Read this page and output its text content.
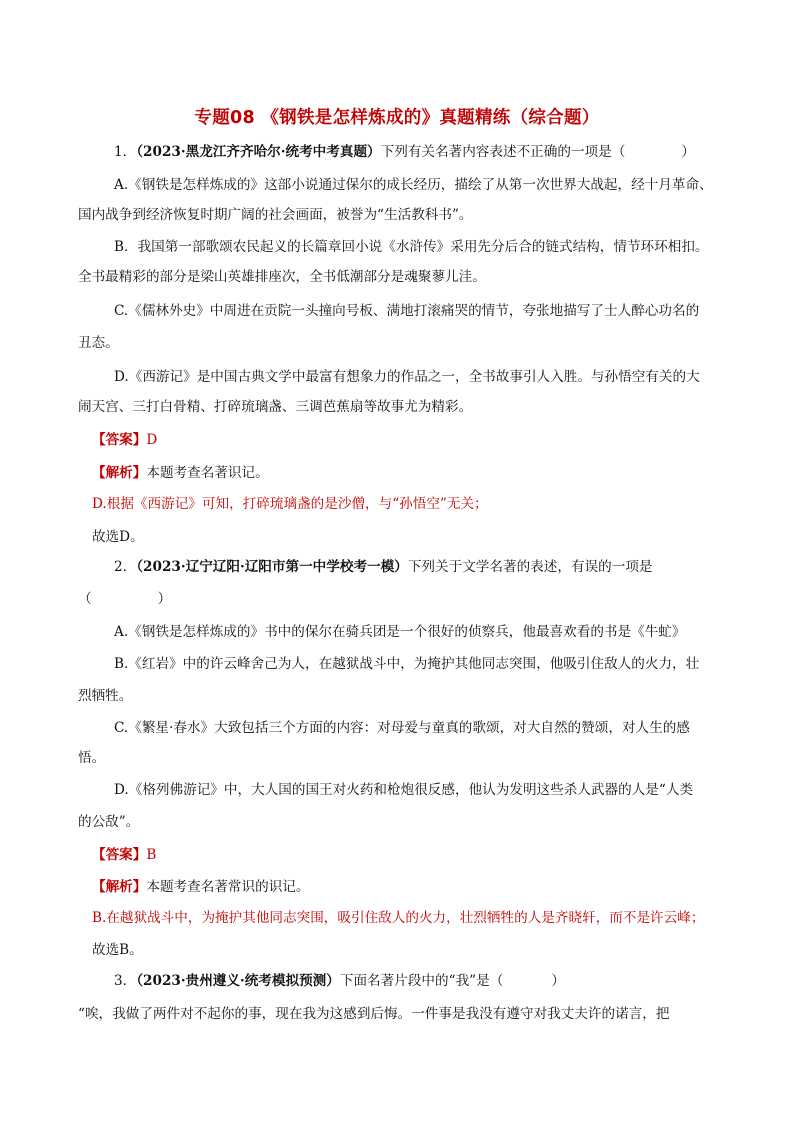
专题08 《钢铁是怎样炼成的》真题精练（综合题）
1．（2023·黑龙江齐齐哈尔·统考中考真题）下列有关名著内容表述不正确的一项是（	）
A.《钢铁是怎样炼成的》这部小说通过保尔的成长经历，描绘了从第一次世界大战起，经十月革命、
国内战争到经济恢复时期广阔的社会画面，被誉为“生活教科书”。
B．我国第一部歌颂农民起义的长篇章回小说《水浒传》采用先分后合的链式结构，情节环环相扣。
全书最精彩的部分是梁山英雄排座次，全书低潮部分是魂聚蓼儿洼。
C.《儒林外史》中周进在贡院一头撞向号板、满地打滚痛哭的情节，夸张地描写了士人醉心功名的
丑态。
D.《西游记》是中国古典文学中最富有想象力的作品之一，全书故事引人入胜。与孙悟空有关的大
闹天宫、三打白骨精、打碎琉璃盏、三调芭蕉扇等故事尤为精彩。
【答案】D
【解析】本题考查名著识记。
D.根据《西游记》可知，打碎琉璃盏的是沙僧，与“孙悟空”无关；
故选D。
2．（2023·辽宁辽阳·辽阳市第一中学校考一模）下列关于文学名著的表述，有误的一项是
（	）
A.《钢铁是怎样炼成的》书中的保尔在骑兵团是一个很好的侦察兵，他最喜欢看的书是《牛虻》
B.《红岩》中的许云峰舍己为人，在越狱战斗中，为掩护其他同志突围，他吸引住敌人的火力，壮
烈牺牲。
C.《繁星·春水》大致包括三个方面的内容：对母爱与童真的歌颂，对大自然的赞颂，对人生的感
悟。
D.《格列佛游记》中，大人国的国王对火药和枪炮很反感，他认为发明这些杀人武器的人是“人类
的公敌”。
【答案】B
【解析】本题考查名著常识的识记。
B.在越狱战斗中，为掩护其他同志突围，吸引住敌人的火力，壮烈牺牲的人是齐晓轩，而不是许云峰；
故选B。
3．（2023·贵州遵义·统考模拟预测）下面名著片段中的“我”是（	）
“唉，我做了两件对不起你的事，现在我为这感到后悔。一件事是我没有遵守对我丈夫许的诺言，把
